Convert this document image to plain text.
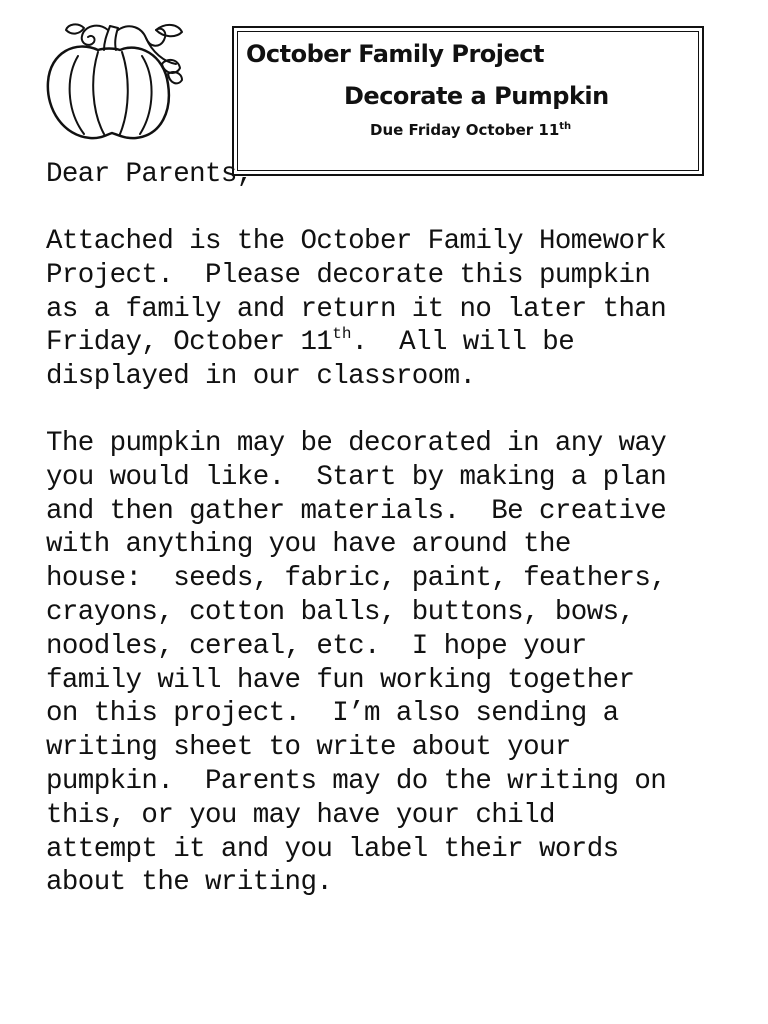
October Family Project
Decorate a Pumpkin
Due Friday October 11th
Dear Parents,
Attached is the October Family Homework
Project.  Please decorate this pumpkin
as a family and return it no later than
Friday, October 11th.  All will be
displayed in our classroom.
The pumpkin may be decorated in any way
you would like.  Start by making a plan
and then gather materials.  Be creative
with anything you have around the
house:  seeds, fabric, paint, feathers,
crayons, cotton balls, buttons, bows,
noodles, cereal, etc.  I hope your
family will have fun working together
on this project.  I’m also sending a
writing sheet to write about your
pumpkin.  Parents may do the writing on
this, or you may have your child
attempt it and you label their words
about the writing.
